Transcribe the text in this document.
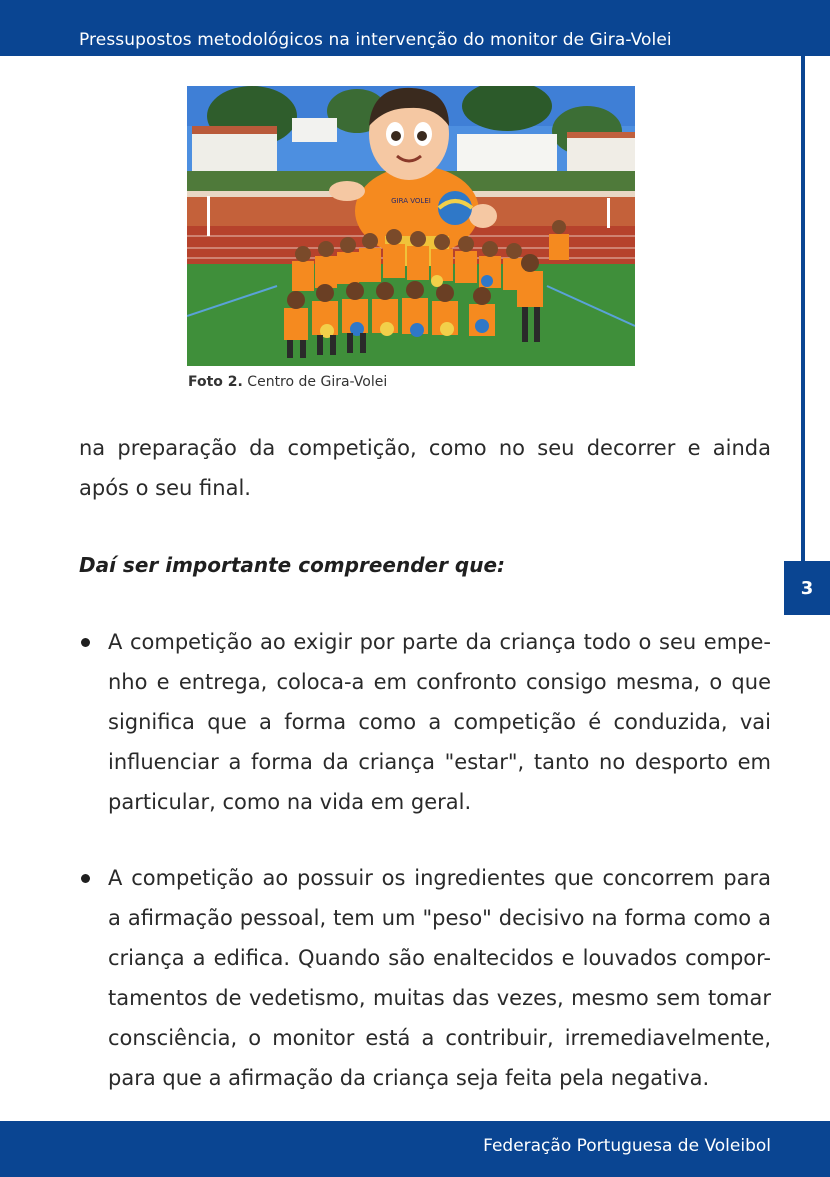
Pressupostos metodológicos na intervenção do monitor de Gira-Volei
3
GIRA VOLEI
Foto 2. Centro de Gira-Volei
na preparação da competição, como no seu decorrer e ainda após o seu final.
Daí ser importante compreender que:
A competição ao exigir por parte da criança todo o seu empe-nho e entrega, coloca-a em confronto consigo mesma, o que significa que a forma como a competição é conduzida, vai influenciar a forma da criança "estar", tanto no desporto em particular, como na vida em geral.
A competição ao possuir os ingredientes que concorrem para a afirmação pessoal, tem um "peso" decisivo na forma como a criança a edifica. Quando são enaltecidos e louvados compor-tamentos de vedetismo, muitas das vezes, mesmo sem tomar consciência, o monitor está a contribuir, irremediavelmente, para que a afirmação da criança seja feita pela negativa.
Federação Portuguesa de Voleibol
